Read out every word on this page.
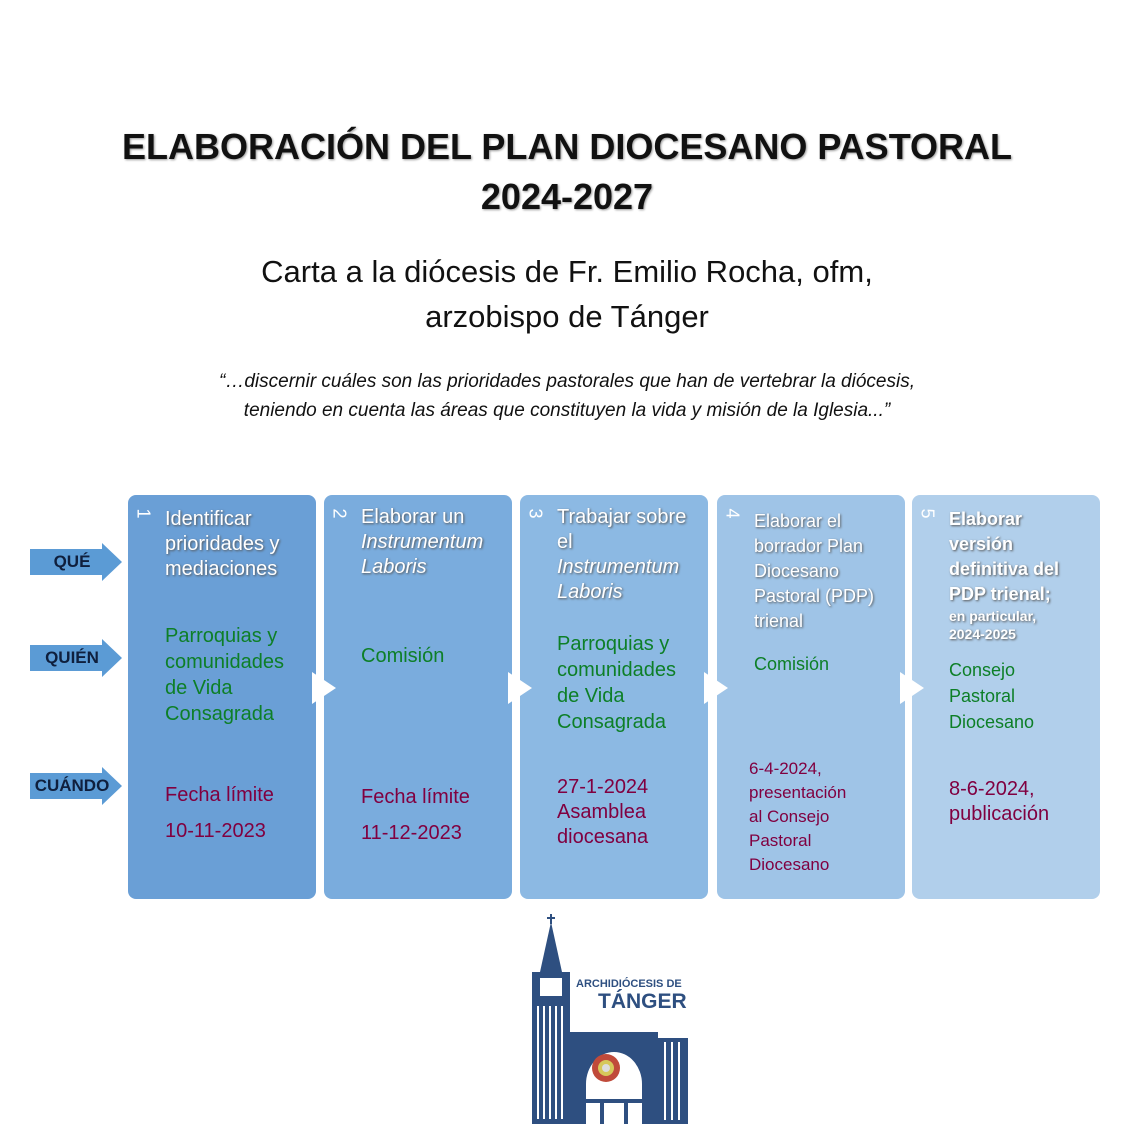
ELABORACIÓN DEL PLAN DIOCESANO PASTORAL
2024-2027
Carta a la diócesis de Fr. Emilio Rocha, ofm,
arzobispo de Tánger
“…discernir cuáles son las prioridades pastorales que han de vertebrar la diócesis,
teniendo en cuenta las áreas que constituyen la vida y misión de la Iglesia...”
QUÉ
QUIÉN
CUÁNDO
1 Identificar
prioridades y
mediaciones
Parroquias y
comunidades
de Vida
Consagrada
Fecha límite
10-11-2023
2 Elaborar un
Instrumentum
Laboris
Comisión
Fecha límite
11-12-2023
3 Trabajar sobre
el
Instrumentum
Laboris
Parroquias y
comunidades
de Vida
Consagrada
27-1-2024
Asamblea
diocesana
4 Elaborar el
borrador Plan
Diocesano
Pastoral (PDP)
trienal
Comisión
6-4-2024,
presentación
al Consejo
Pastoral
Diocesano
5 Elaborar
versión
definitiva del
PDP trienal;
en particular,
2024-2025
Consejo
Pastoral
Diocesano
8-6-2024,
publicación
ARCHIDIÓCESIS DE
TÁNGER
